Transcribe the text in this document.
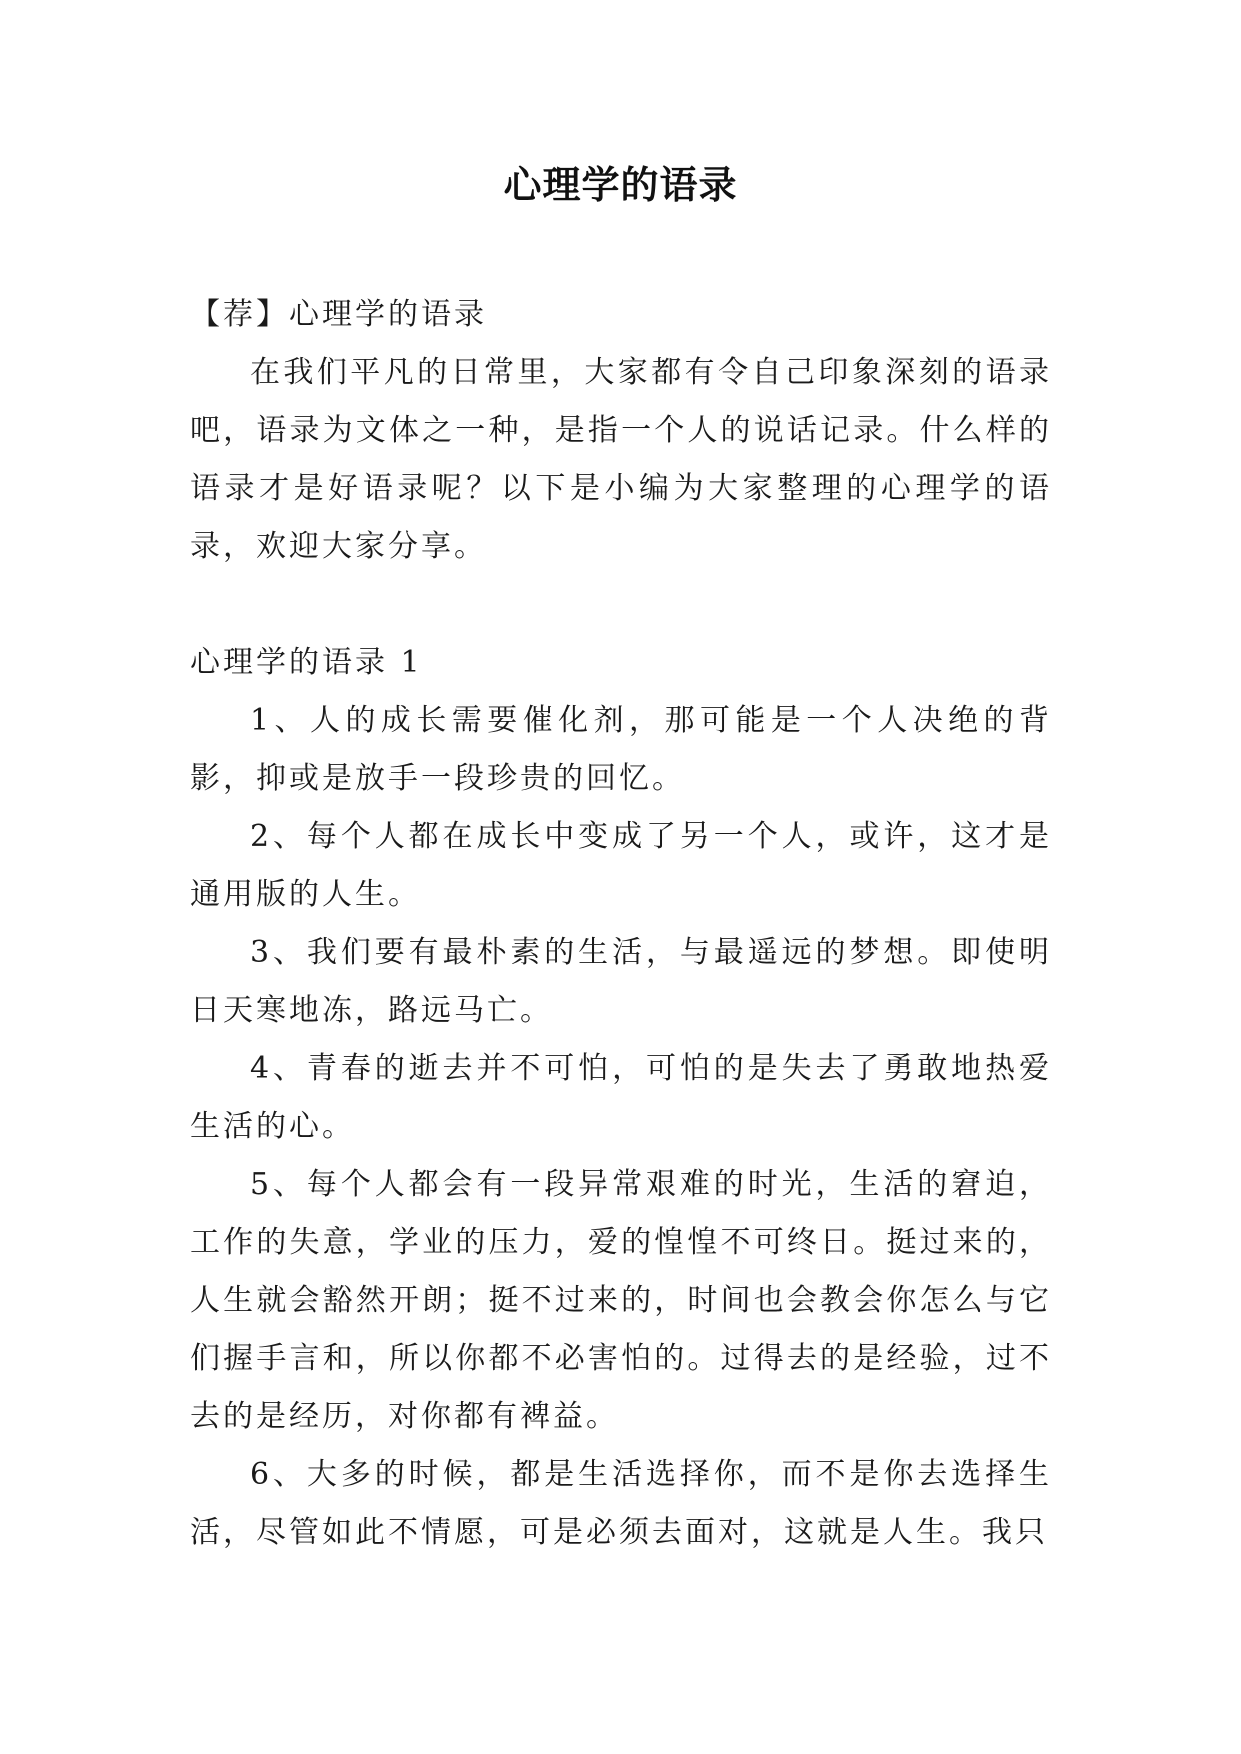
心理学的语录

【荐】心理学的语录

在我们平凡的日常里，大家都有令自己印象深刻的语录吧，语录为文体之一种，是指一个人的说话记录。什么样的语录才是好语录呢？以下是小编为大家整理的心理学的语录，欢迎大家分享。

心理学的语录 1

1、人的成长需要催化剂，那可能是一个人决绝的背影，抑或是放手一段珍贵的回忆。

2、每个人都在成长中变成了另一个人，或许，这才是通用版的人生。

3、我们要有最朴素的生活，与最遥远的梦想。即使明日天寒地冻，路远马亡。

4、青春的逝去并不可怕，可怕的是失去了勇敢地热爱生活的心。

5、每个人都会有一段异常艰难的时光，生活的窘迫，工作的失意，学业的压力，爱的惶惶不可终日。挺过来的，人生就会豁然开朗；挺不过来的，时间也会教会你怎么与它们握手言和，所以你都不必害怕的。过得去的是经验，过不去的是经历，对你都有裨益。

6、大多的时候，都是生活选择你，而不是你去选择生活，尽管如此不情愿，可是必须去面对，这就是人生。我只
